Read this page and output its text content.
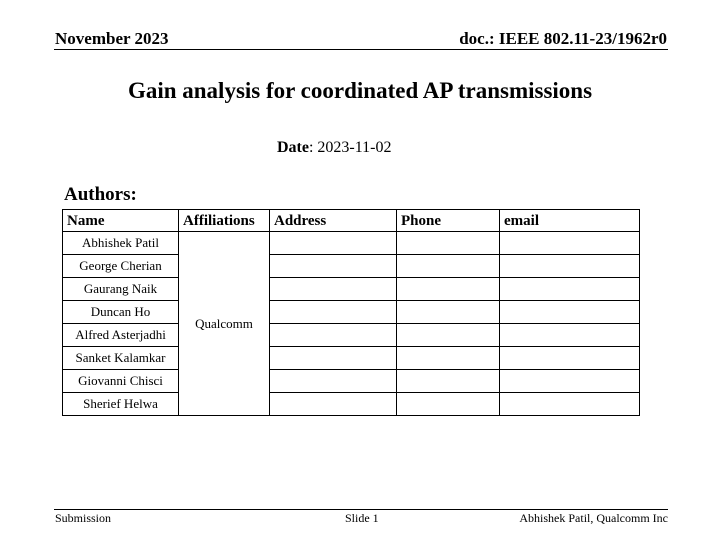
November 2023	doc.: IEEE 802.11-23/1962r0
Gain analysis for coordinated AP transmissions
Date: 2023-11-02
Authors:
Name	Affiliations	Address	Phone	email
Abhishek Patil	Qualcomm			
George Cherian				
Gaurang Naik				
Duncan Ho				
Alfred Asterjadhi				
Sanket Kalamkar				
Giovanni Chisci				
Sherief Helwa				
Submission	Slide 1	Abhishek Patil, Qualcomm Inc
